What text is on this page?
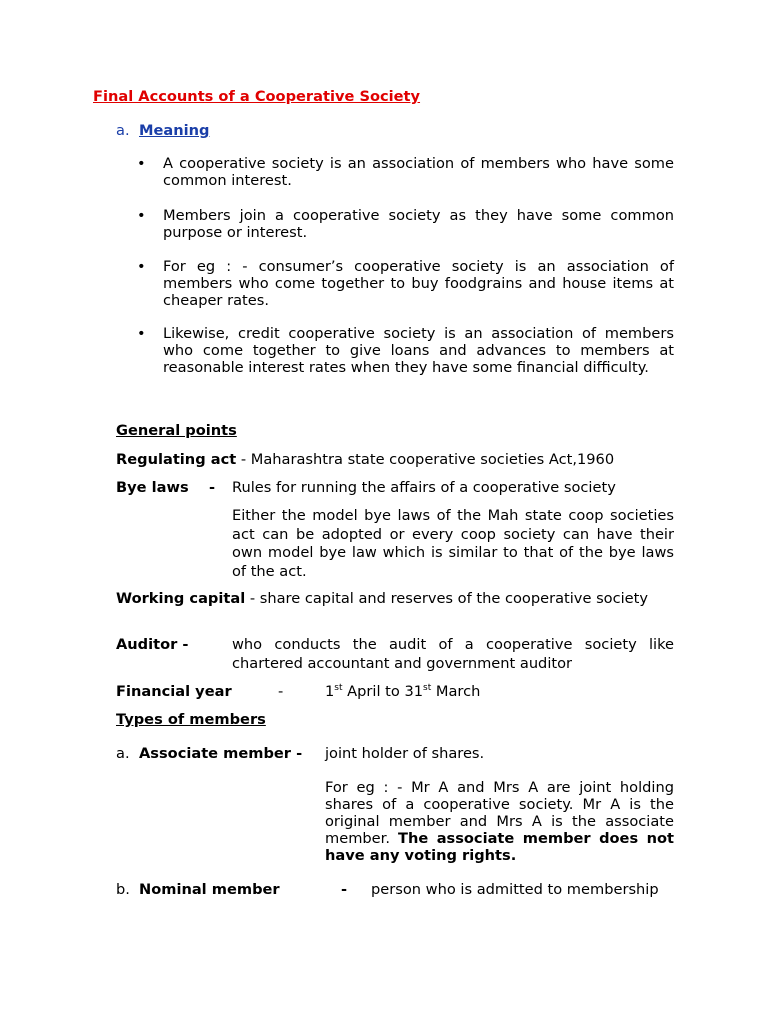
Final Accounts of a Cooperative Society
a. Meaning
• A cooperative society is an association of members who have some common interest.
• Members join a cooperative society as they have some common purpose or interest.
• For eg : - consumer’s cooperative society is an association of members who come together to buy foodgrains and house items at cheaper rates.
• Likewise, credit cooperative society is an association of members who come together to give loans and advances to members at reasonable interest rates when they have some financial difficulty.
General points
Regulating act - Maharashtra state cooperative societies Act,1960
Bye laws - Rules for running the affairs of a cooperative society
Either the model bye laws of the Mah state coop societies act can be adopted or every coop society can have their own model bye law which is similar to that of the bye laws of the act.
Working capital - share capital and reserves of the cooperative society
Auditor -	who conducts the audit of a cooperative society like chartered accountant and government auditor
Financial year	-	1st April to 31st March
Types of members
a. Associate member - joint holder of shares.
For eg : - Mr A and Mrs A are joint holding shares of a cooperative society. Mr A is the original member and Mrs A is the associate member. The associate member does not have any voting rights.
b. Nominal member	-	person who is admitted to membership
